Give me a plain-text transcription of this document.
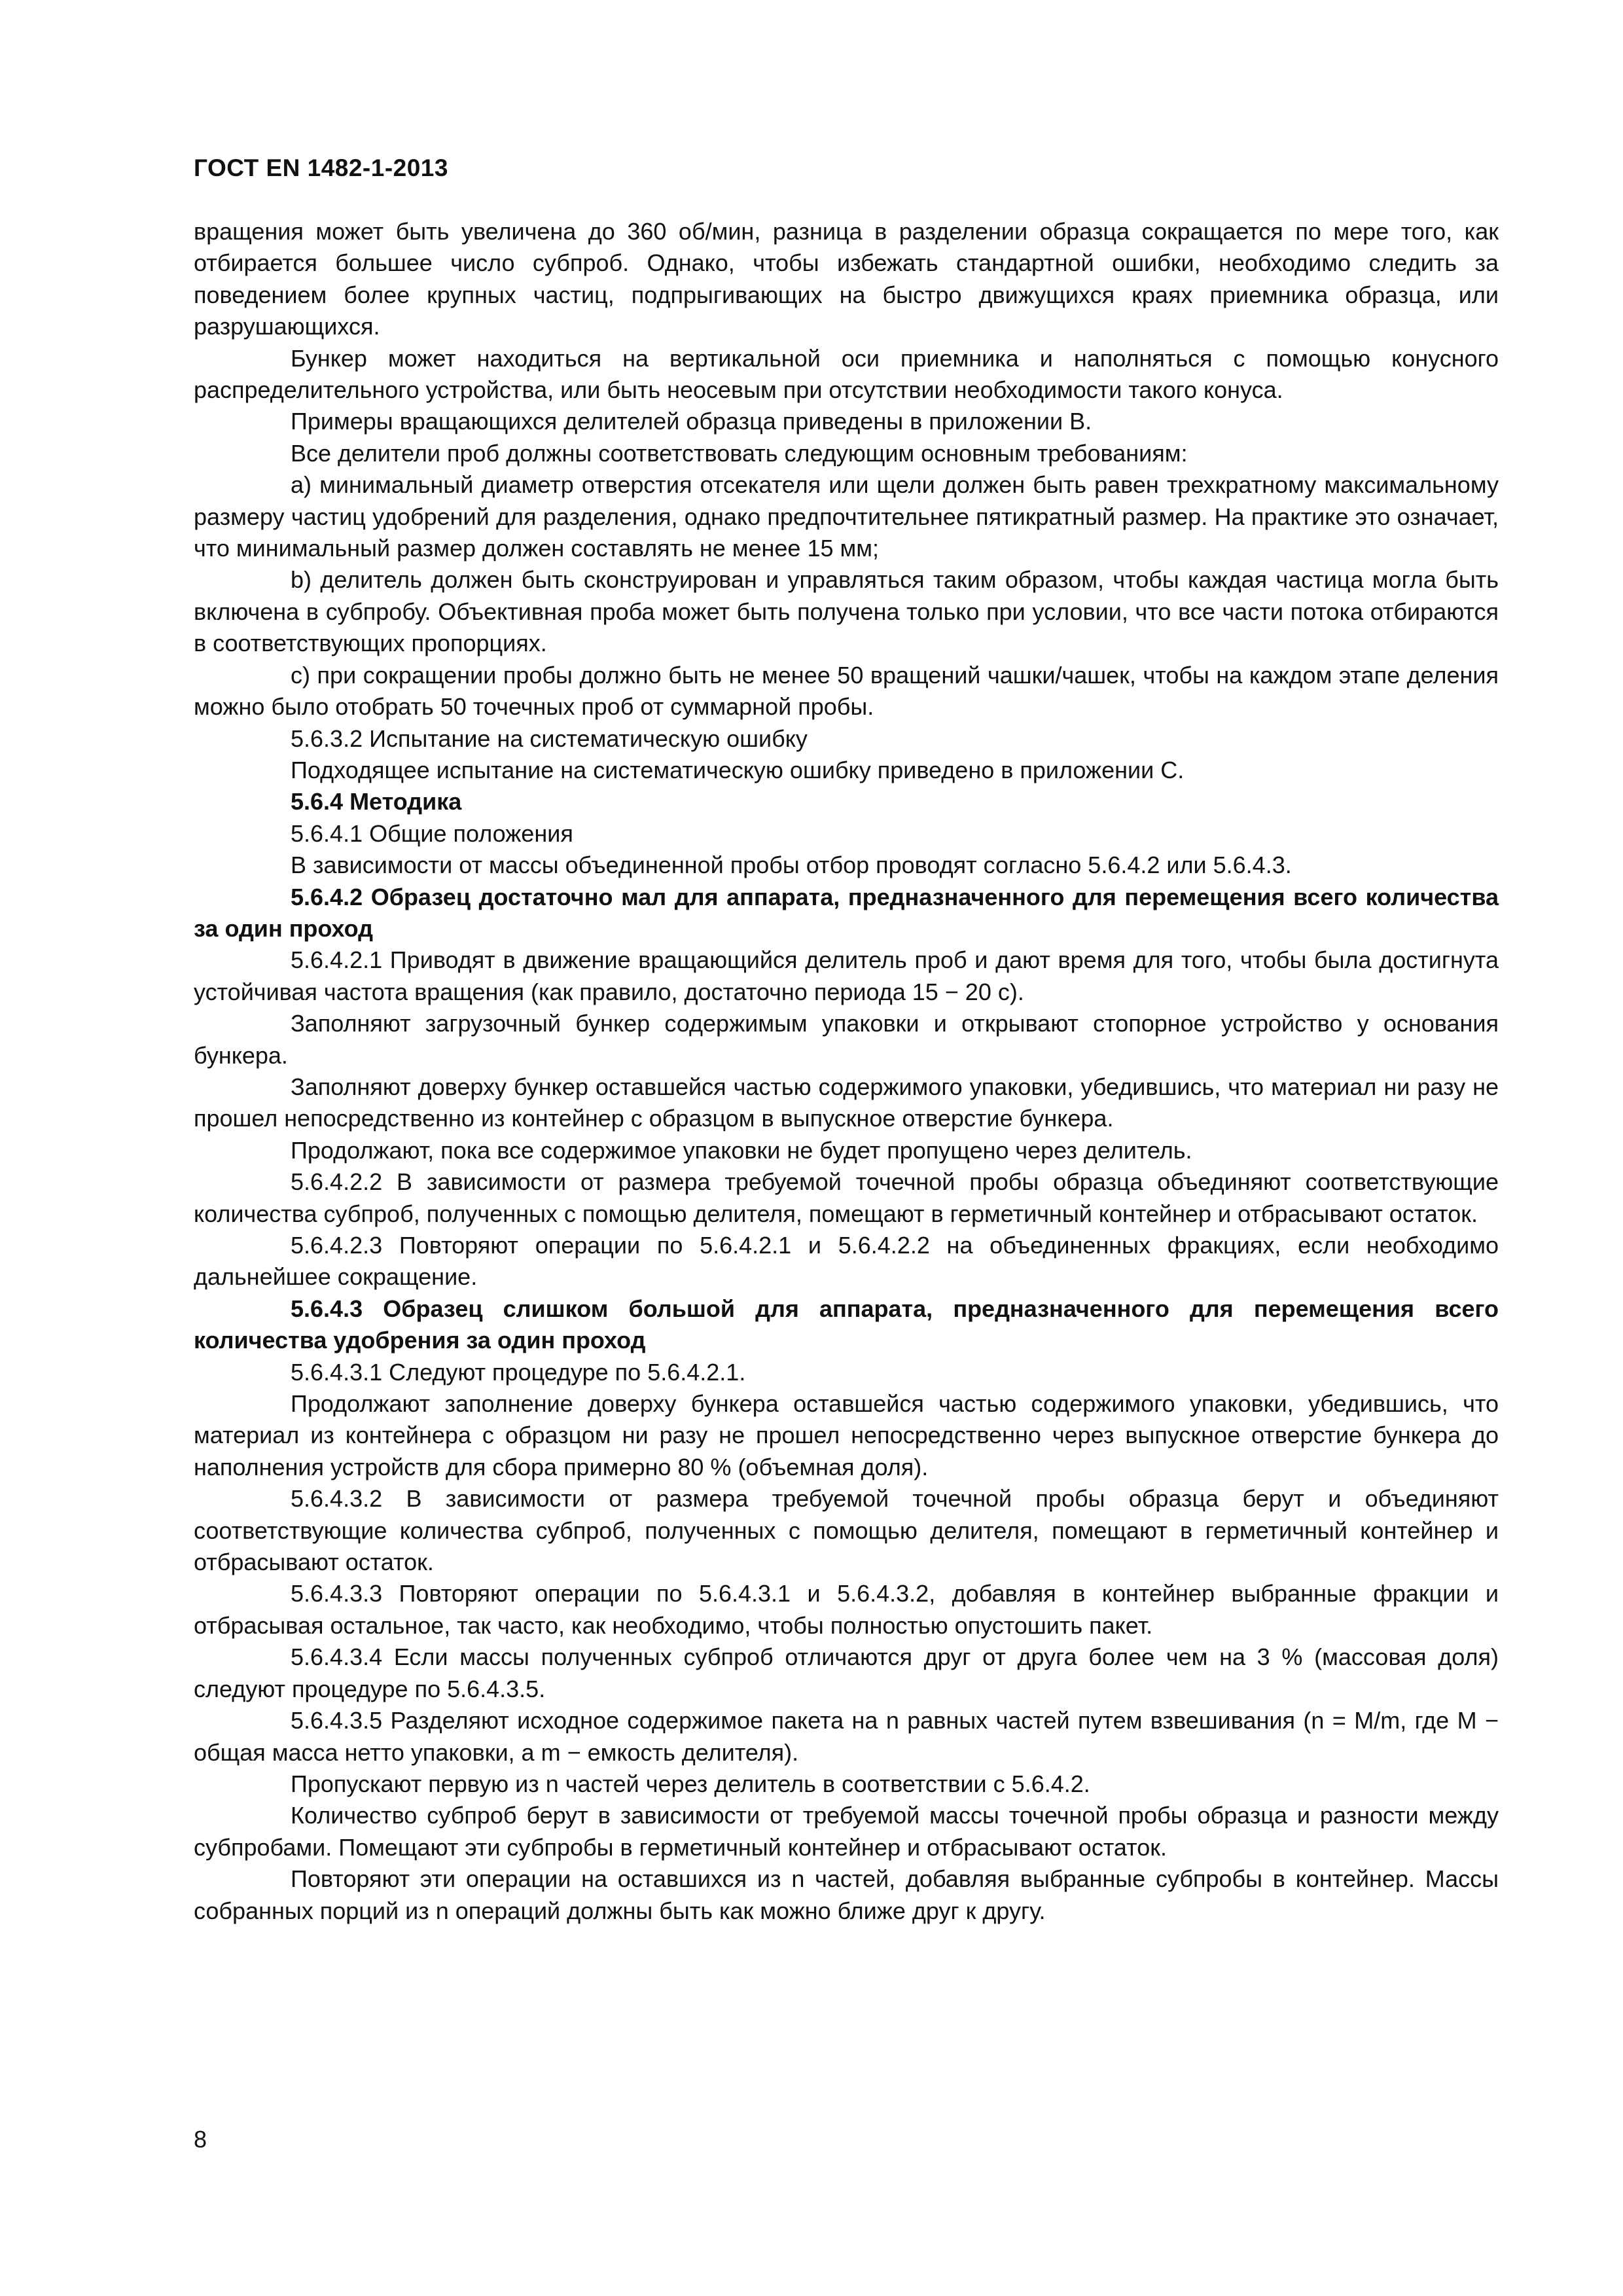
ГОСТ EN 1482-1-2013

вращения может быть увеличена до 360 об/мин, разница в разделении образца сокращается по мере того, как отбирается большее число субпроб. Однако, чтобы избежать стандартной ошибки, необходимо следить за поведением более крупных частиц, подпрыгивающих на быстро движущихся краях приемника образца, или разрушающихся.

Бункер может находиться на вертикальной оси приемника и наполняться с помощью конусного распределительного устройства, или быть неосевым при отсутствии необходимости такого конуса.

Примеры вращающихся делителей образца приведены в приложении В.

Все делители проб должны соответствовать следующим основным требованиям:

а) минимальный диаметр отверстия отсекателя или щели должен быть равен трехкратному максимальному размеру частиц удобрений для разделения, однако предпочтительнее пятикратный размер. На практике это означает, что минимальный размер должен составлять не менее 15 мм;

b) делитель должен быть сконструирован и управляться таким образом, чтобы каждая частица могла быть включена в субпробу. Объективная проба может быть получена только при условии, что все части потока отбираются в соответствующих пропорциях.

с) при сокращении пробы должно быть не менее 50 вращений чашки/чашек, чтобы на каждом этапе деления можно было отобрать 50 точечных проб от суммарной пробы.

5.6.3.2 Испытание на систематическую ошибку

Подходящее испытание на систематическую ошибку приведено в приложении С.

5.6.4 Методика

5.6.4.1 Общие положения

В зависимости от массы объединенной пробы отбор проводят согласно 5.6.4.2 или 5.6.4.3.

5.6.4.2 Образец достаточно мал для аппарата, предназначенного для перемещения всего количества за один проход

5.6.4.2.1 Приводят в движение вращающийся делитель проб и дают время для того, чтобы была достигнута устойчивая частота вращения (как правило, достаточно периода 15 − 20 с).

Заполняют загрузочный бункер содержимым упаковки и открывают стопорное устройство у основания бункера.

Заполняют доверху бункер оставшейся частью содержимого упаковки, убедившись, что материал ни разу не прошел непосредственно из контейнер с образцом в выпускное отверстие бункера.

Продолжают, пока все содержимое упаковки не будет пропущено через делитель.

5.6.4.2.2 В зависимости от размера требуемой точечной пробы образца объединяют соответствующие количества субпроб, полученных с помощью делителя, помещают в герметичный контейнер и отбрасывают остаток.

5.6.4.2.3 Повторяют операции по 5.6.4.2.1 и 5.6.4.2.2 на объединенных фракциях, если необходимо дальнейшее сокращение.

5.6.4.3 Образец слишком большой для аппарата, предназначенного для перемещения всего количества удобрения за один проход

5.6.4.3.1 Следуют процедуре по 5.6.4.2.1.

Продолжают заполнение доверху бункера оставшейся частью содержимого упаковки, убедившись, что материал из контейнера с образцом ни разу не прошел непосредственно через выпускное отверстие бункера до наполнения устройств для сбора примерно 80 % (объемная доля).

5.6.4.3.2 В зависимости от размера требуемой точечной пробы образца берут и объединяют соответствующие количества субпроб, полученных с помощью делителя, помещают в герметичный контейнер и отбрасывают остаток.

5.6.4.3.3 Повторяют операции по 5.6.4.3.1 и 5.6.4.3.2, добавляя в контейнер выбранные фракции и отбрасывая остальное, так часто, как необходимо, чтобы полностью опустошить пакет.

5.6.4.3.4 Если массы полученных субпроб отличаются друг от друга более чем на 3 % (массовая доля) следуют процедуре по 5.6.4.3.5.

5.6.4.3.5 Разделяют исходное содержимое пакета на n равных частей путем взвешивания (n = M/m, где M − общая масса нетто упаковки, а m − емкость делителя).

Пропускают первую из n частей через делитель в соответствии с 5.6.4.2.

Количество субпроб берут в зависимости от требуемой массы точечной пробы образца и разности между субпробами. Помещают эти субпробы в герметичный контейнер и отбрасывают остаток.

Повторяют эти операции на оставшихся из n частей, добавляя выбранные субпробы в контейнер. Массы собранных порций из n операций должны быть как можно ближе друг к другу.

8
